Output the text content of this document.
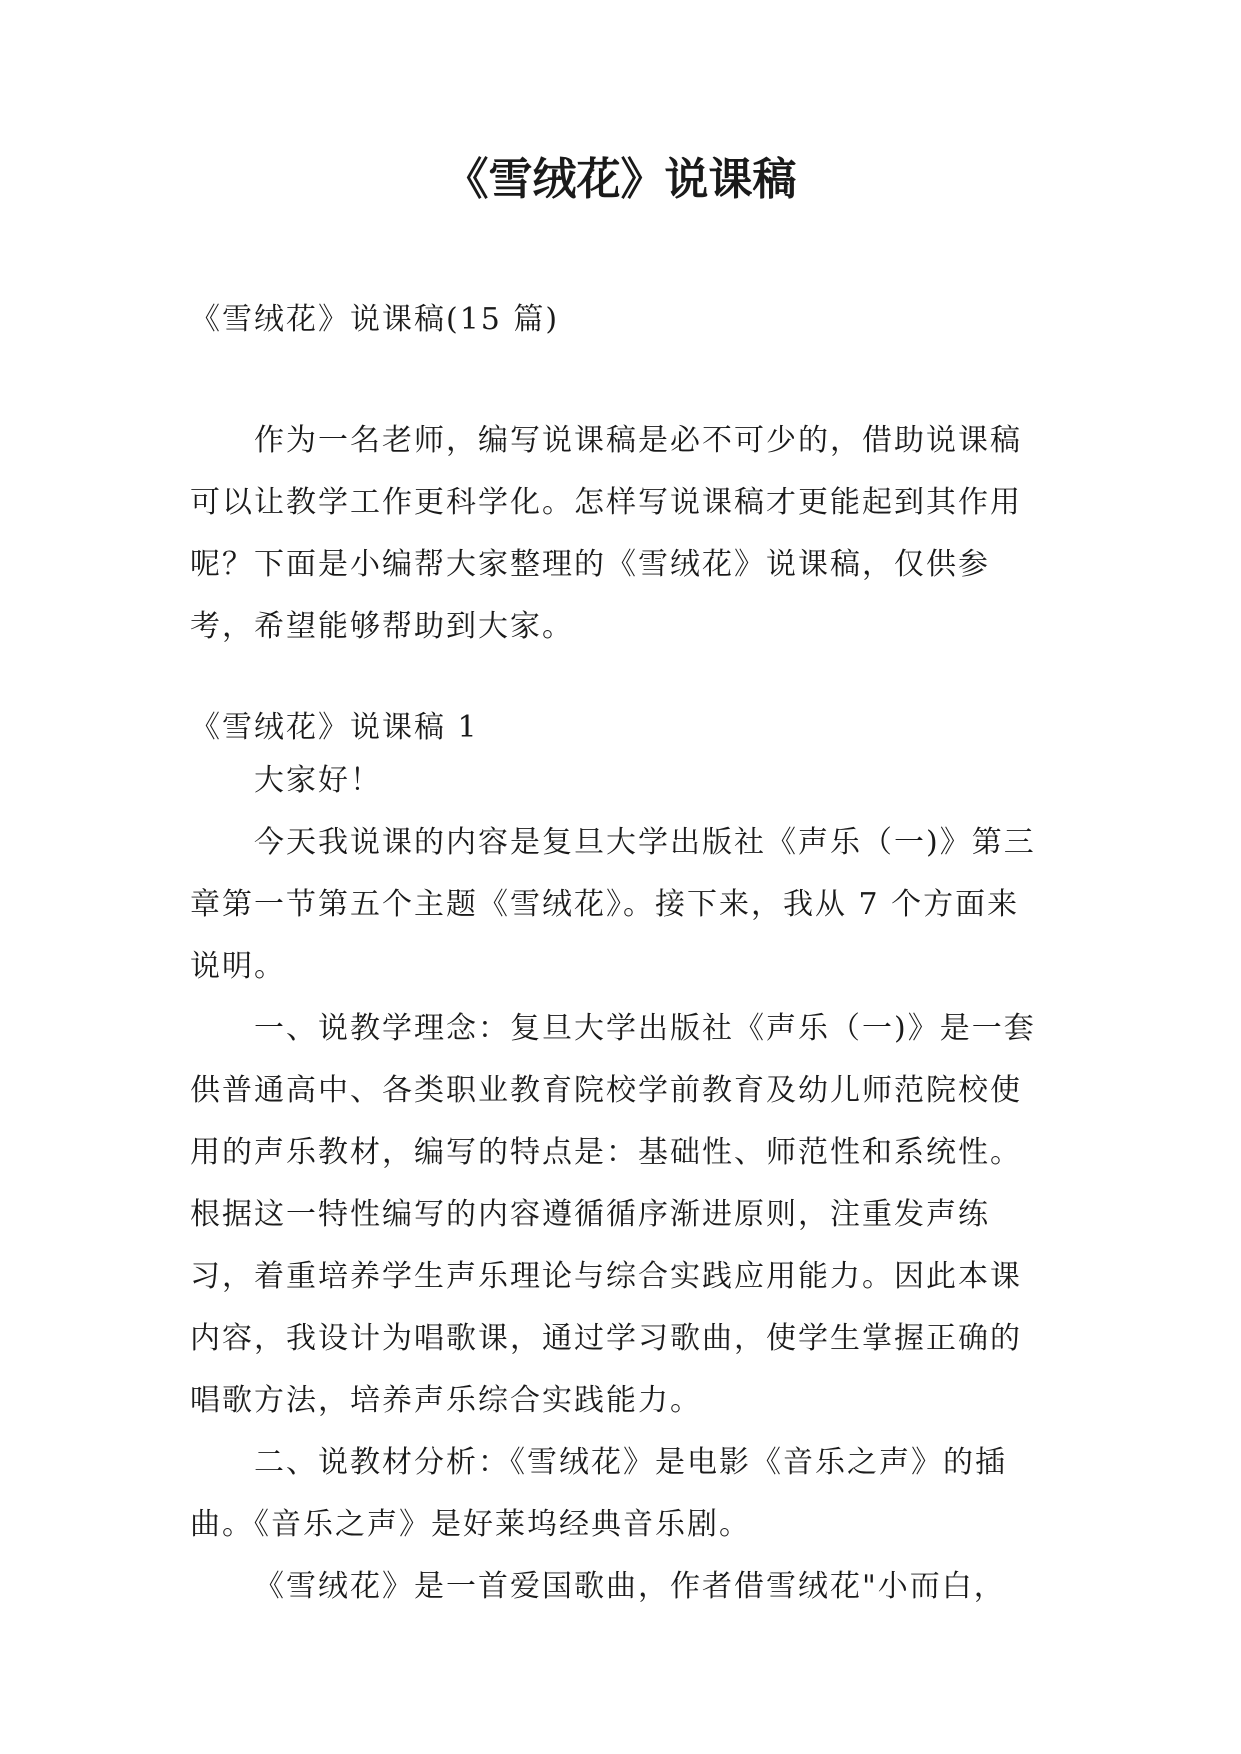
《雪绒花》说课稿

《雪绒花》说课稿(15 篇)

作为一名老师，编写说课稿是必不可少的，借助说课稿可以让教学工作更科学化。怎样写说课稿才更能起到其作用呢？下面是小编帮大家整理的《雪绒花》说课稿，仅供参考，希望能够帮助到大家。

《雪绒花》说课稿 1

大家好！

今天我说课的内容是复旦大学出版社《声乐（一)》第三章第一节第五个主题《雪绒花》。接下来，我从 7 个方面来说明。

一、说教学理念：复旦大学出版社《声乐（一)》是一套供普通高中、各类职业教育院校学前教育及幼儿师范院校使用的声乐教材，编写的特点是：基础性、师范性和系统性。根据这一特性编写的内容遵循循序渐进原则，注重发声练习，着重培养学生声乐理论与综合实践应用能力。因此本课内容，我设计为唱歌课，通过学习歌曲，使学生掌握正确的唱歌方法，培养声乐综合实践能力。

二、说教材分析：《雪绒花》是电影《音乐之声》的插曲。《音乐之声》是好莱坞经典音乐剧。

《雪绒花》是一首爱国歌曲，作者借雪绒花"小而白，
